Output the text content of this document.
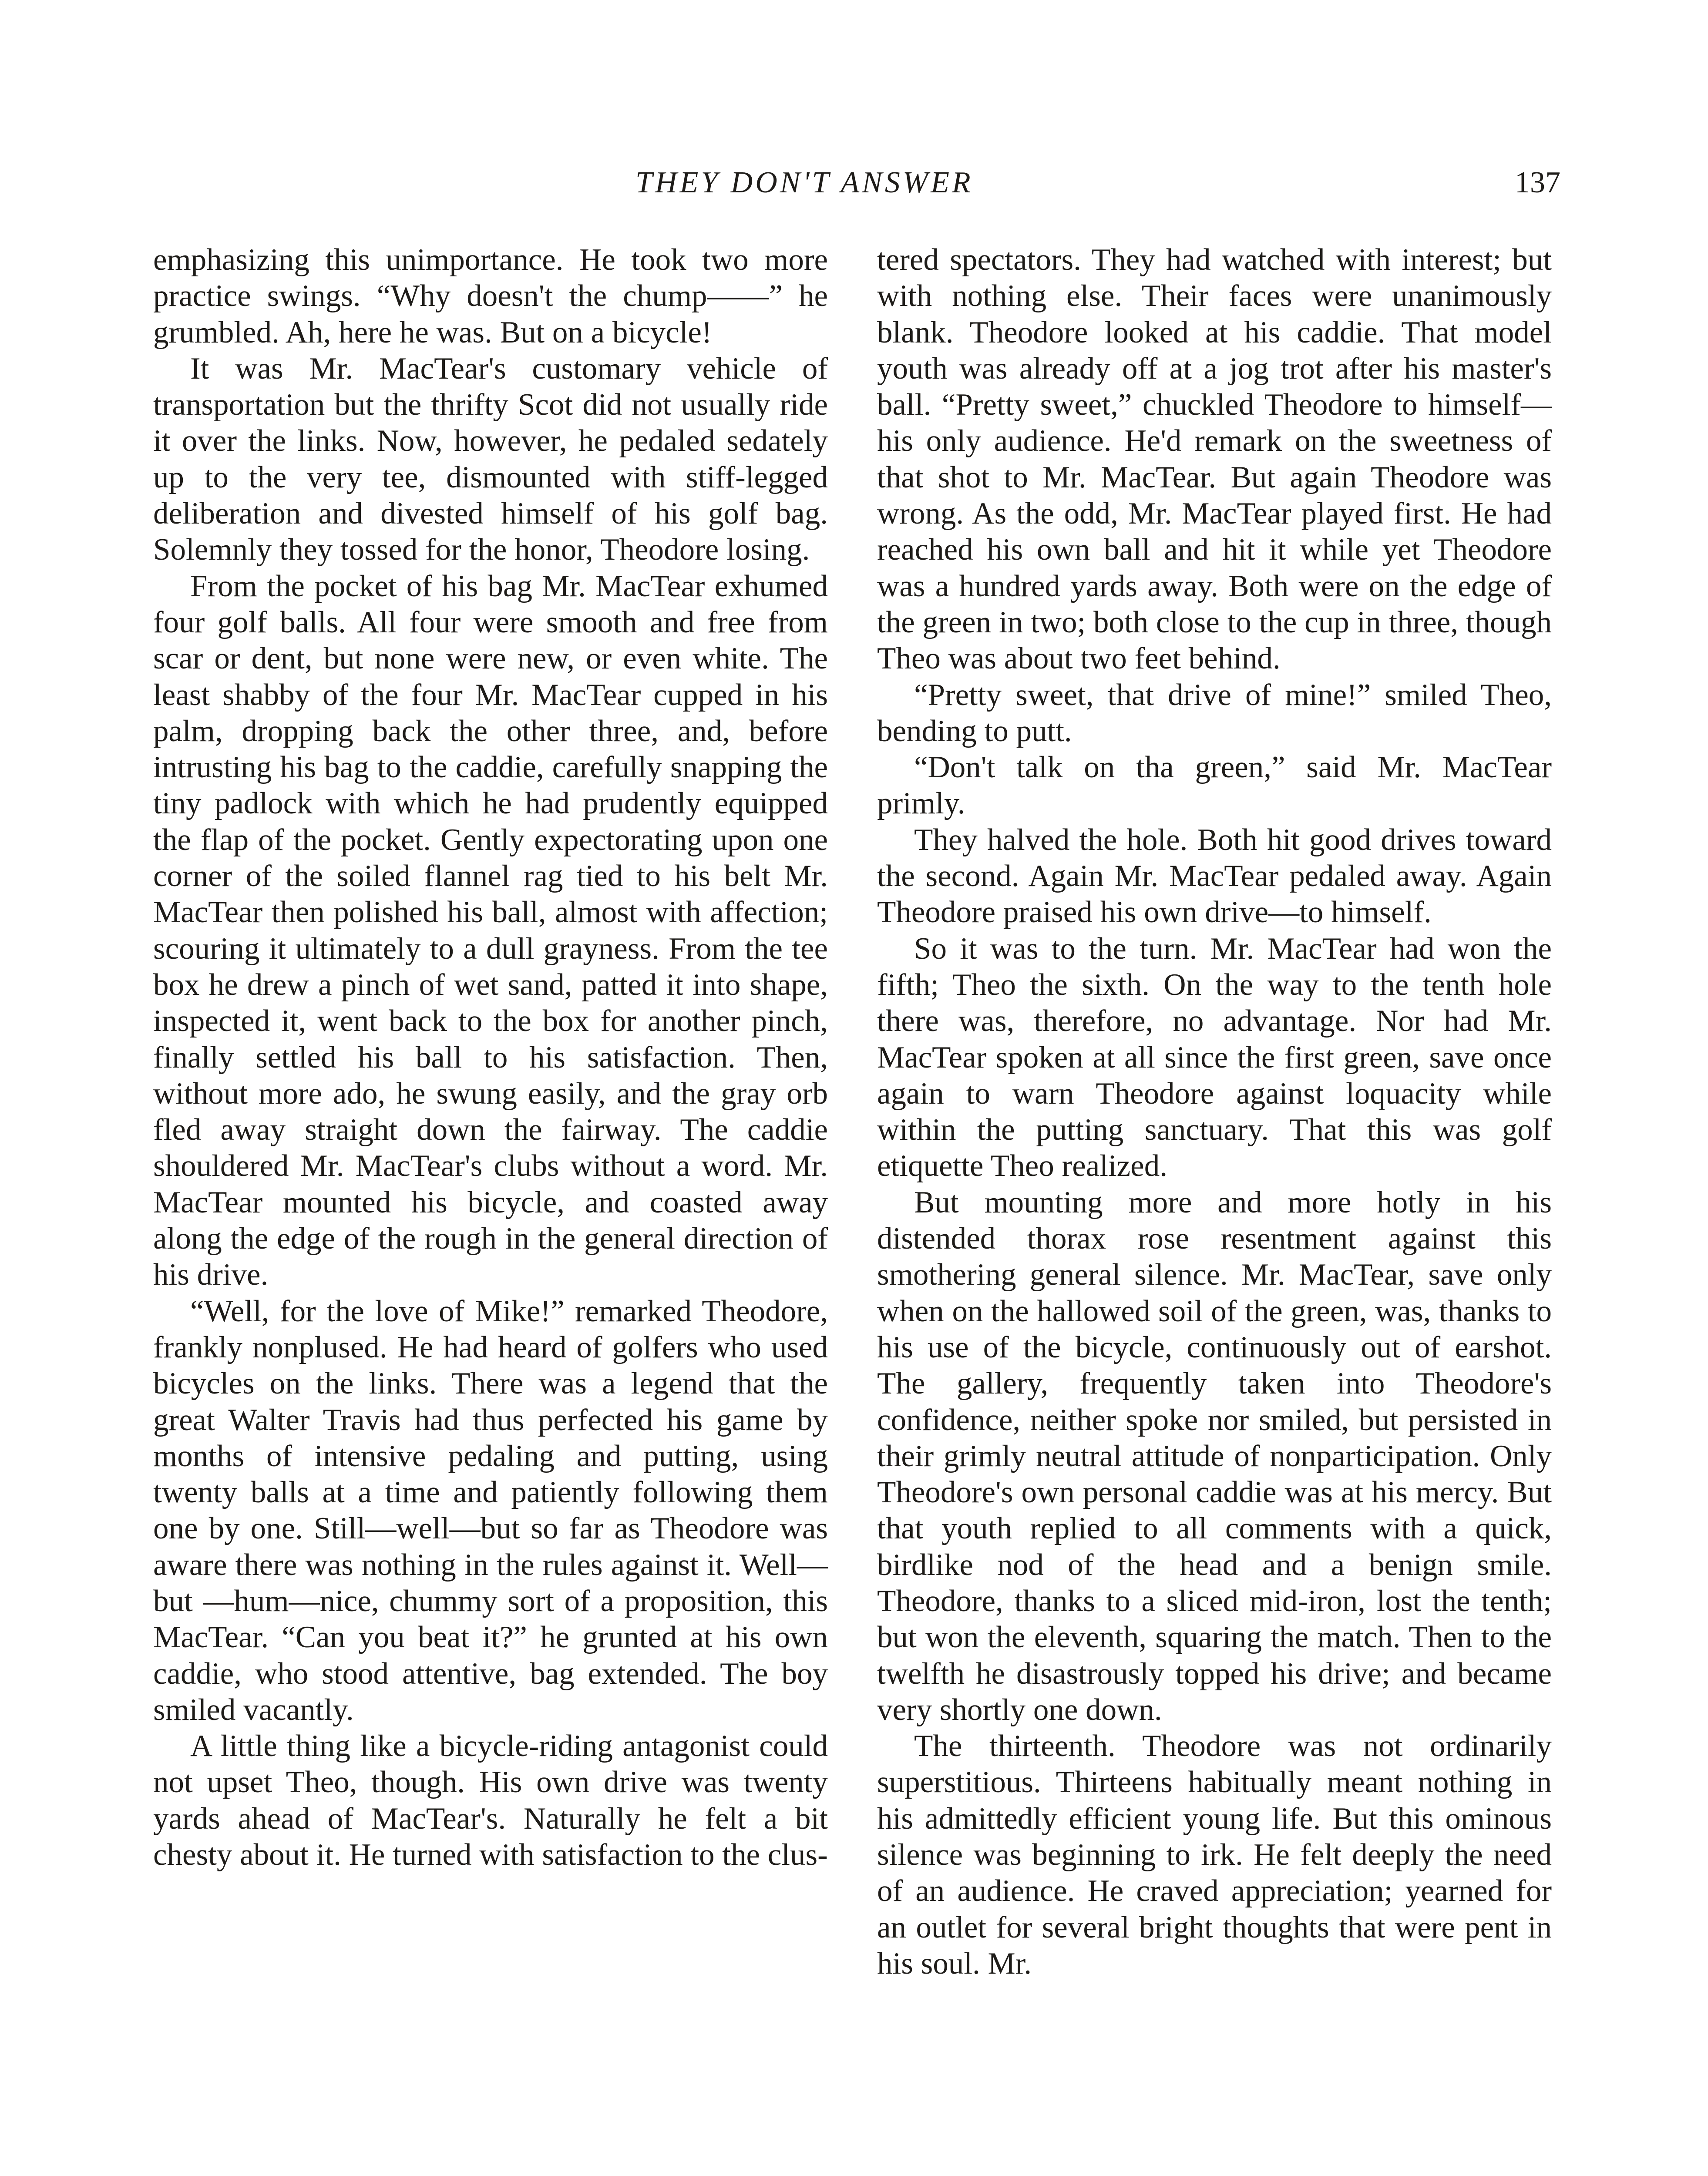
THEY DON'T ANSWER	137

emphasizing this unimportance. He took two more practice swings. “Why doesn't the chump——” he grumbled. Ah, here he was. But on a bicycle!

It was Mr. MacTear's customary vehicle of transportation but the thrifty Scot did not usually ride it over the links. Now, however, he pedaled sedately up to the very tee, dismounted with stiff-legged deliberation and divested himself of his golf bag. Solemnly they tossed for the honor, Theodore losing.

From the pocket of his bag Mr. MacTear exhumed four golf balls. All four were smooth and free from scar or dent, but none were new, or even white. The least shabby of the four Mr. MacTear cupped in his palm, dropping back the other three, and, before intrusting his bag to the caddie, carefully snapping the tiny padlock with which he had prudently equipped the flap of the pocket. Gently expectorating upon one corner of the soiled flannel rag tied to his belt Mr. MacTear then polished his ball, almost with affection; scouring it ultimately to a dull grayness. From the tee box he drew a pinch of wet sand, patted it into shape, inspected it, went back to the box for another pinch, finally settled his ball to his satisfaction. Then, without more ado, he swung easily, and the gray orb fled away straight down the fairway. The caddie shouldered Mr. MacTear's clubs without a word. Mr. MacTear mounted his bicycle, and coasted away along the edge of the rough in the general direction of his drive.

“Well, for the love of Mike!” remarked Theodore, frankly nonplused. He had heard of golfers who used bicycles on the links. There was a legend that the great Walter Travis had thus perfected his game by months of intensive pedaling and putting, using twenty balls at a time and patiently following them one by one. Still—well—but so far as Theodore was aware there was nothing in the rules against it. Well—but —hum—nice, chummy sort of a proposition, this MacTear. “Can you beat it?” he grunted at his own caddie, who stood attentive, bag extended. The boy smiled vacantly.

A little thing like a bicycle-riding antagonist could not upset Theo, though. His own drive was twenty yards ahead of MacTear's. Naturally he felt a bit chesty about it. He turned with satisfaction to the clus-

tered spectators. They had watched with interest; but with nothing else. Their faces were unanimously blank. Theodore looked at his caddie. That model youth was already off at a jog trot after his master's ball. “Pretty sweet,” chuckled Theodore to himself—his only audience. He'd remark on the sweetness of that shot to Mr. MacTear. But again Theodore was wrong. As the odd, Mr. MacTear played first. He had reached his own ball and hit it while yet Theodore was a hundred yards away. Both were on the edge of the green in two; both close to the cup in three, though Theo was about two feet behind.

“Pretty sweet, that drive of mine!” smiled Theo, bending to putt.

“Don't talk on tha green,” said Mr. MacTear primly.

They halved the hole. Both hit good drives toward the second. Again Mr. MacTear pedaled away. Again Theodore praised his own drive—to himself.

So it was to the turn. Mr. MacTear had won the fifth; Theo the sixth. On the way to the tenth hole there was, therefore, no advantage. Nor had Mr. MacTear spoken at all since the first green, save once again to warn Theodore against loquacity while within the putting sanctuary. That this was golf etiquette Theo realized.

But mounting more and more hotly in his distended thorax rose resentment against this smothering general silence. Mr. MacTear, save only when on the hallowed soil of the green, was, thanks to his use of the bicycle, continuously out of earshot. The gallery, frequently taken into Theodore's confidence, neither spoke nor smiled, but persisted in their grimly neutral attitude of nonparticipation. Only Theodore's own personal caddie was at his mercy. But that youth replied to all comments with a quick, birdlike nod of the head and a benign smile. Theodore, thanks to a sliced mid-iron, lost the tenth; but won the eleventh, squaring the match. Then to the twelfth he disastrously topped his drive; and became very shortly one down.

The thirteenth. Theodore was not ordinarily superstitious. Thirteens habitually meant nothing in his admittedly efficient young life. But this ominous silence was beginning to irk. He felt deeply the need of an audience. He craved appreciation; yearned for an outlet for several bright thoughts that were pent in his soul. Mr.
